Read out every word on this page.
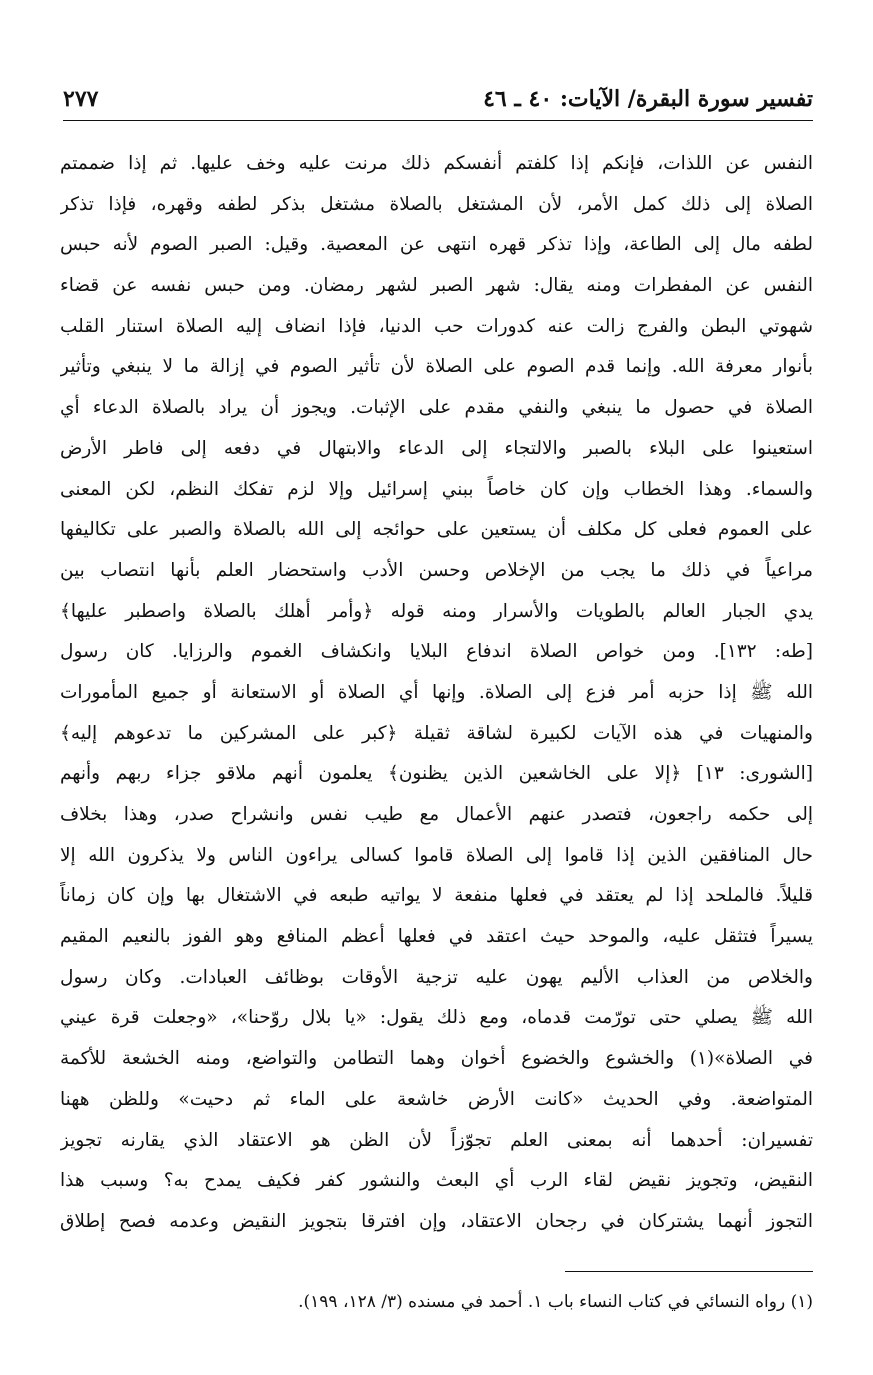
تفسير سورة البقرة/ الآيات: ٤٠ ـ ٤٦
٢٧٧
النفس عن اللذات، فإنكم إذا كلفتم أنفسكم ذلك مرنت عليه وخف عليها. ثم إذا ضممتم
الصلاة إلى ذلك كمل الأمر، لأن المشتغل بالصلاة مشتغل بذكر لطفه وقهره، فإذا تذكر
لطفه مال إلى الطاعة، وإذا تذكر قهره انتهى عن المعصية. وقيل: الصبر الصوم لأنه حبس
النفس عن المفطرات ومنه يقال: شهر الصبر لشهر رمضان. ومن حبس نفسه عن قضاء
شهوتي البطن والفرج زالت عنه كدورات حب الدنيا، فإذا انضاف إليه الصلاة استنار القلب
بأنوار معرفة الله. وإنما قدم الصوم على الصلاة لأن تأثير الصوم في إزالة ما لا ينبغي وتأثير
الصلاة في حصول ما ينبغي والنفي مقدم على الإثبات. ويجوز أن يراد بالصلاة الدعاء أي
استعينوا على البلاء بالصبر والالتجاء إلى الدعاء والابتهال في دفعه إلى فاطر الأرض
والسماء. وهذا الخطاب وإن كان خاصاً ببني إسرائيل وإلا لزم تفكك النظم، لكن المعنى
على العموم فعلى كل مكلف أن يستعين على حوائجه إلى الله بالصلاة والصبر على تكاليفها
مراعياً في ذلك ما يجب من الإخلاص وحسن الأدب واستحضار العلم بأنها انتصاب بين
يدي الجبار العالم بالطويات والأسرار ومنه قوله ﴿وأمر أهلك بالصلاة واصطبر عليها﴾
[طه: ١٣٢]. ومن خواص الصلاة اندفاع البلايا وانكشاف الغموم والرزايا. كان رسول
الله ﷺ إذا حزبه أمر فزع إلى الصلاة. وإنها أي الصلاة أو الاستعانة أو جميع المأمورات
والمنهيات في هذه الآيات لكبيرة لشاقة ثقيلة ﴿كبر على المشركين ما تدعوهم إليه﴾
[الشورى: ١٣] ﴿إلا على الخاشعين الذين يظنون﴾ يعلمون أنهم ملاقو جزاء ربهم وأنهم
إلى حكمه راجعون، فتصدر عنهم الأعمال مع طيب نفس وانشراح صدر، وهذا بخلاف
حال المنافقين الذين إذا قاموا إلى الصلاة قاموا كسالى يراءون الناس ولا يذكرون الله إلا
قليلاً. فالملحد إذا لم يعتقد في فعلها منفعة لا يواتيه طبعه في الاشتغال بها وإن كان زماناً
يسيراً فتثقل عليه، والموحد حيث اعتقد في فعلها أعظم المنافع وهو الفوز بالنعيم المقيم
والخلاص من العذاب الأليم يهون عليه تزجية الأوقات بوظائف العبادات. وكان رسول
الله ﷺ يصلي حتى تورّمت قدماه، ومع ذلك يقول: «يا بلال روّحنا»، «وجعلت قرة عيني
في الصلاة»(١) والخشوع والخضوع أخوان وهما التطامن والتواضع، ومنه الخشعة للأكمة
المتواضعة. وفي الحديث «كانت الأرض خاشعة على الماء ثم دحيت» وللظن ههنا
تفسيران: أحدهما أنه بمعنى العلم تجوّزاً لأن الظن هو الاعتقاد الذي يقارنه تجويز
النقيض، وتجويز نقيض لقاء الرب أي البعث والنشور كفر فكيف يمدح به؟ وسبب هذا
التجوز أنهما يشتركان في رجحان الاعتقاد، وإن افترقا بتجويز النقيض وعدمه فصح إطلاق
(١) رواه النسائي في كتاب النساء باب ١. أحمد في مسنده (٣/ ١٢٨، ١٩٩).
